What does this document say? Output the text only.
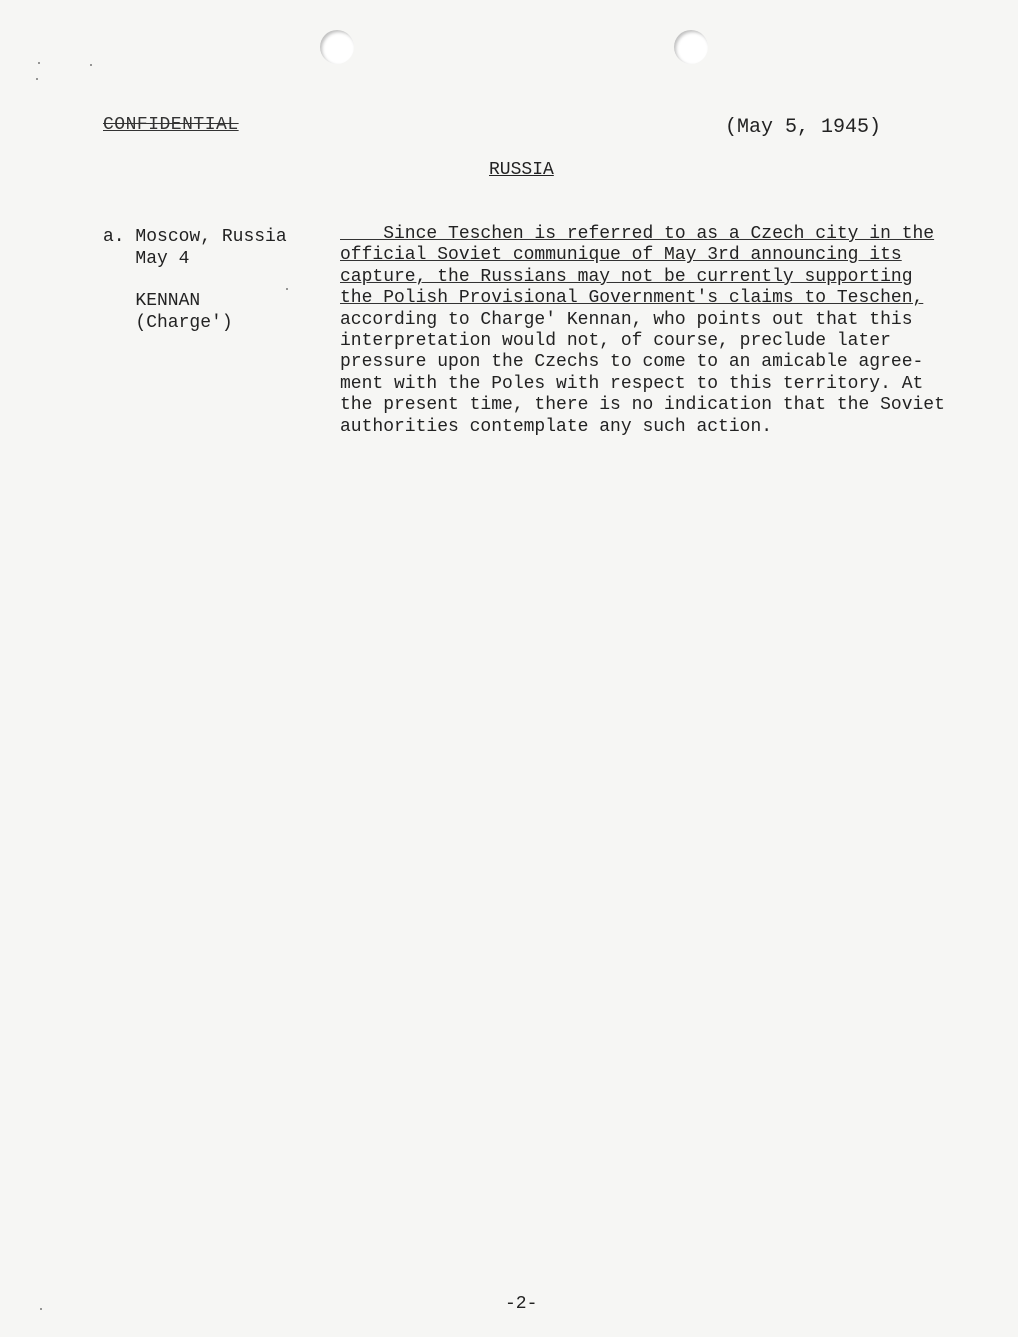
CONFIDENTIAL	(May 5, 1945)
RUSSIA
a. Moscow, Russia
May 4
KENNAN
(Charge')
Since Teschen is referred to as a Czech city in the
official Soviet communique of May 3rd announcing its
capture, the Russians may not be currently supporting
the Polish Provisional Government's claims to Teschen,
according to Charge' Kennan, who points out that this
interpretation would not, of course, preclude later
pressure upon the Czechs to come to an amicable agree-
ment with the Poles with respect to this territory. At
the present time, there is no indication that the Soviet
authorities contemplate any such action.
-2-
